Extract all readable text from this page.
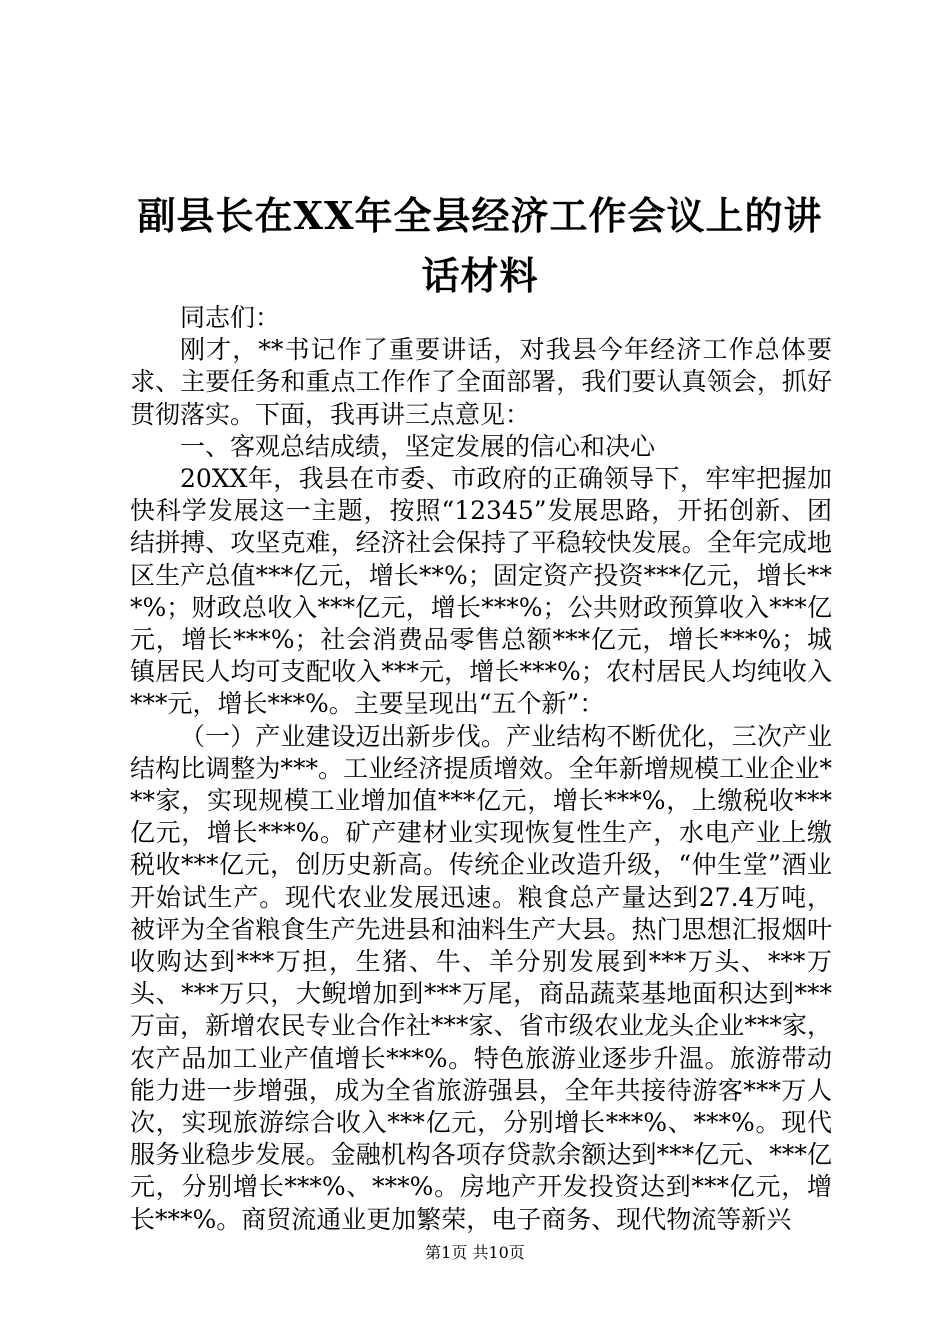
副县长在XX年全县经济工作会议上的讲话材料

同志们：

刚才，**书记作了重要讲话，对我县今年经济工作总体要求、主要任务和重点工作作了全面部署，我们要认真领会，抓好贯彻落实。下面，我再讲三点意见：

一、客观总结成绩，坚定发展的信心和决心

20XX年，我县在市委、市政府的正确领导下，牢牢把握加快科学发展这一主题，按照“12345”发展思路，开拓创新、团结拼搏、攻坚克难，经济社会保持了平稳较快发展。全年完成地区生产总值***亿元，增长**%；固定资产投资***亿元，增长***%；财政总收入***亿元，增长***%；公共财政预算收入***亿元，增长***%；社会消费品零售总额***亿元，增长***%；城镇居民人均可支配收入***元，增长***%；农村居民人均纯收入***元，增长***%。主要呈现出“五个新”：

（一）产业建设迈出新步伐。产业结构不断优化，三次产业结构比调整为***。工业经济提质增效。全年新增规模工业企业***家，实现规模工业增加值***亿元，增长***%，上缴税收***亿元，增长***%。矿产建材业实现恢复性生产，水电产业上缴税收***亿元，创历史新高。传统企业改造升级，“仲生堂”酒业开始试生产。现代农业发展迅速。粮食总产量达到27.4万吨，被评为全省粮食生产先进县和油料生产大县。热门思想汇报烟叶收购达到***万担，生猪、牛、羊分别发展到***万头、***万头、***万只，大鲵增加到***万尾，商品蔬菜基地面积达到***万亩，新增农民专业合作社***家、省市级农业龙头企业***家，农产品加工业产值增长***%。特色旅游业逐步升温。旅游带动能力进一步增强，成为全省旅游强县，全年共接待游客***万人次，实现旅游综合收入***亿元，分别增长***%、***%。现代服务业稳步发展。金融机构各项存贷款余额达到***亿元、***亿元，分别增长***%、***%。房地产开发投资达到***亿元，增长***%。商贸流通业更加繁荣，电子商务、现代物流等新兴

第1页 共10页
